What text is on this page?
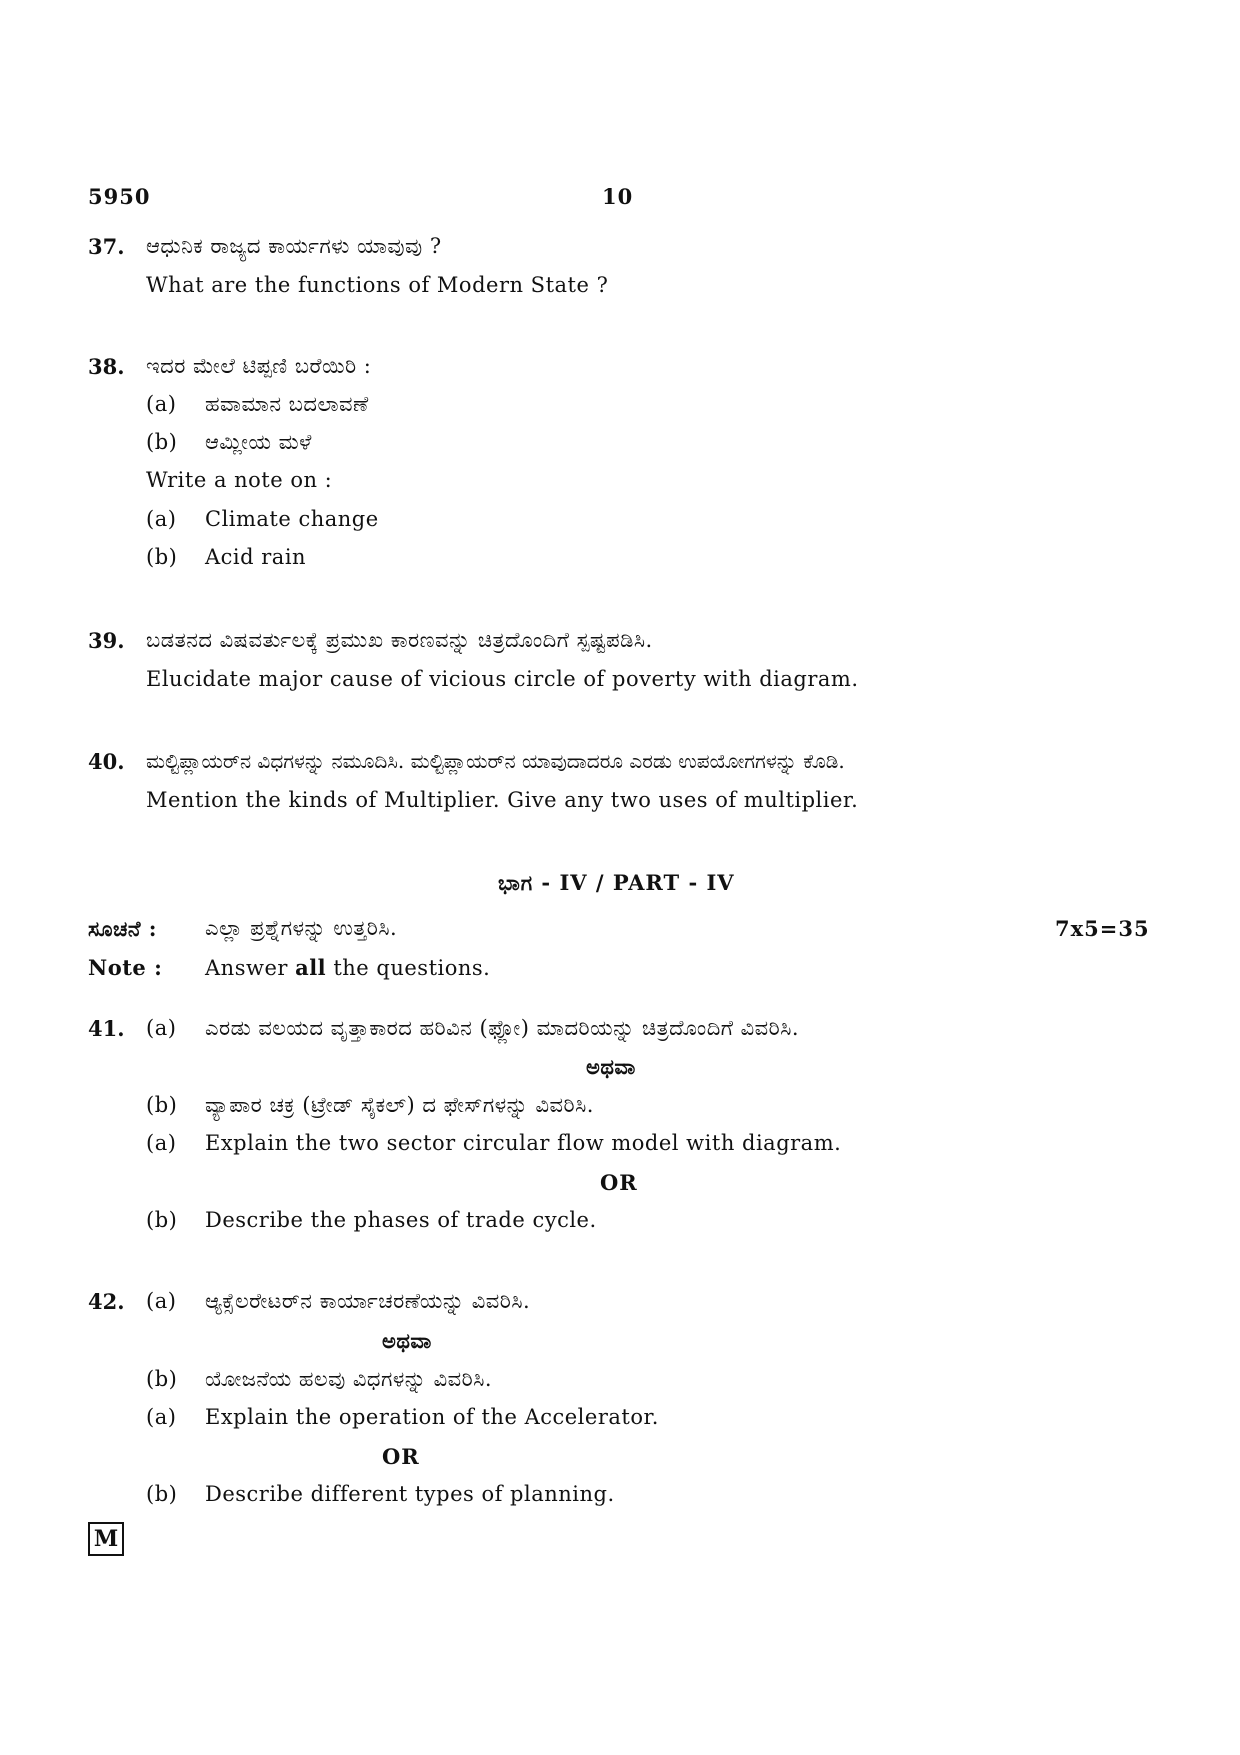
5950	10
37. ಆಧುನಿಕ ರಾಜ್ಯದ ಕಾರ್ಯಗಳು ಯಾವುವು ?
What are the functions of Modern State ?
38. ಇದರ ಮೇಲೆ ಟಿಪ್ಪಣಿ ಬರೆಯಿರಿ :
(a) ಹವಾಮಾನ ಬದಲಾವಣೆ
(b) ಆಮ್ಲೀಯ ಮಳೆ
Write a note on :
(a) Climate change
(b) Acid rain
39. ಬಡತನದ ವಿಷವರ್ತುಲಕ್ಕೆ ಪ್ರಮುಖ ಕಾರಣವನ್ನು ಚಿತ್ರದೊಂದಿಗೆ ಸ್ಪಷ್ಟಪಡಿಸಿ.
Elucidate major cause of vicious circle of poverty with diagram.
40. ಮಲ್ಟಿಪ್ಲಾಯರ್‌ನ ವಿಧಗಳನ್ನು ನಮೂದಿಸಿ. ಮಲ್ಟಿಪ್ಲಾಯರ್‌ನ ಯಾವುದಾದರೂ ಎರಡು ಉಪಯೋಗಗಳನ್ನು ಕೊಡಿ.
Mention the kinds of Multiplier. Give any two uses of multiplier.
ಭಾಗ - IV / PART - IV
ಸೂಚನೆ : ಎಲ್ಲಾ ಪ್ರಶ್ನೆಗಳನ್ನು ಉತ್ತರಿಸಿ.	7x5=35
Note : Answer all the questions.
41. (a) ಎರಡು ವಲಯದ ವೃತ್ತಾಕಾರದ ಹರಿವಿನ (ಫ್ಲೋ) ಮಾದರಿಯನ್ನು ಚಿತ್ರದೊಂದಿಗೆ ವಿವರಿಸಿ.
ಅಥವಾ
(b) ವ್ಯಾಪಾರ ಚಕ್ರ (ಟ್ರೇಡ್ ಸೈಕಲ್) ದ ಫೇಸ್‌ಗಳನ್ನು ವಿವರಿಸಿ.
(a) Explain the two sector circular flow model with diagram.
OR
(b) Describe the phases of trade cycle.
42. (a) ಆ್ಯಕ್ಸೆಲರೇಟರ್‌ನ ಕಾರ್ಯಾಚರಣೆಯನ್ನು ವಿವರಿಸಿ.
ಅಥವಾ
(b) ಯೋಜನೆಯ ಹಲವು ವಿಧಗಳನ್ನು ವಿವರಿಸಿ.
(a) Explain the operation of the Accelerator.
OR
(b) Describe different types of planning.
M
